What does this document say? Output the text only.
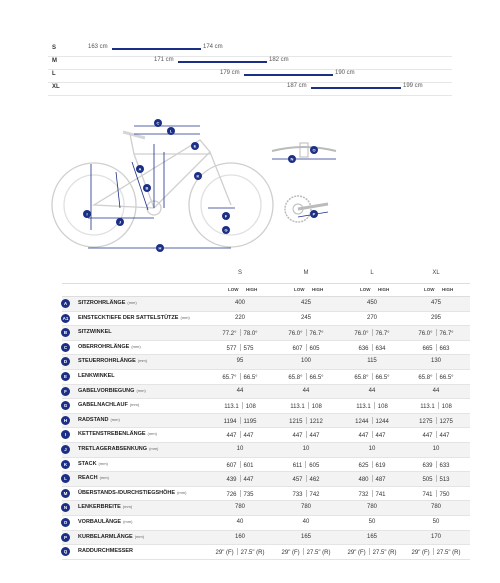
S	163 cm	174 cm
M	171 cm	182 cm
L	179 cm	190 cm
XL	187 cm	199 cm
C
L
E
K
A
B
I
J
H
G
F
N
O
P
S	M	L	XL
LOW HIGH	LOW HIGH	LOW HIGH	LOW HIGH
A	SITZROHRLÄNGE (mm)	400	425	450	475
A1 EINSTECKTIEFE DER SATTELSTÜTZE (mm)	220	245	270	295
B	SITZWINKEL	77.2° 78.0°	76.0° 76.7°	76.0° 76.7°	76.0° 76.7°
C	OBERROHRLÄNGE (mm)	577 575	607 605	636 634	665 663
D	STEUERROHRLÄNGE (mm)	95	100	115	130
E	LENKWINKEL	65.7° 66.5°	65.8° 66.5°	65.8° 66.5°	65.8° 66.5°
F	GABELVORBIEGUNG (mm)	44	44	44	44
G	GABELNACHLAUF (mm)	113.1 108	113.1 108	113.1 108	113.1 108
H	RADSTAND (mm)	1194 1195	1215 1212	1244 1244	1275 1275
I	KETTENSTREBENLÄNGE (mm)	447 447	447 447	447 447	447 447
J	TRETLAGERABSENKUNG (mm)	10	10	10	10
K	STACK (mm)	607 601	611 605	625 619	639 633
L	REACH (mm)	439 447	457 462	480 487	505 513
M	ÜBERSTANDS-/DURCHSTIEGSHÖHE (mm)	726 735	733 742	732 741	741 750
N	LENKERBREITE (mm)	780	780	780	780
O	VORBAULÄNGE (mm)	40	40	50	50
P	KURBELARMLÄNGE (mm)	160	165	165	170
Q	RADDURCHMESSER	29" (F) 27.5" (R)	29" (F) 27.5" (R)	29" (F) 27.5" (R)	29" (F) 27.5" (R)
